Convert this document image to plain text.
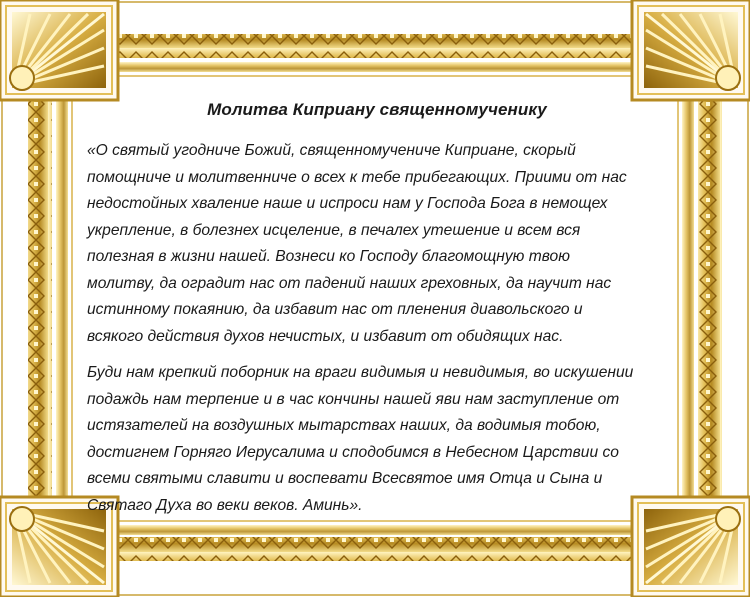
Молитва Киприану священномученику

«О святый угодниче Божий, священномучениче Киприане, скорый
помощниче и молитвенниче о всех к тебе прибегающих. Приими от нас
недостойных хваление наше и испроси нам у Господа Бога в немощех
укрепление, в болезнех исцеление, в печалех утешение и всем вся
полезная в жизни нашей. Вознеси ко Господу благомощную твою
молитву, да оградит нас от падений наших греховных, да научит нас
истинному покаянию, да избавит нас от пленения диавольского и
всякого действия духов нечистых, и избавит от обидящих нас.

Буди нам крепкий поборник на враги видимыя и невидимыя, во искушении
подаждь нам терпение и в час кончины нашей яви нам заступление от
истязателей на воздушных мытарствах наших, да водимыя тобою,
достигнем Горняго Иерусалима и сподобимся в Небесном Царствии со
всеми святыми славити и воспевати Всесвятое имя Отца и Сына и
Святаго Духа во веки веков. Аминь».
